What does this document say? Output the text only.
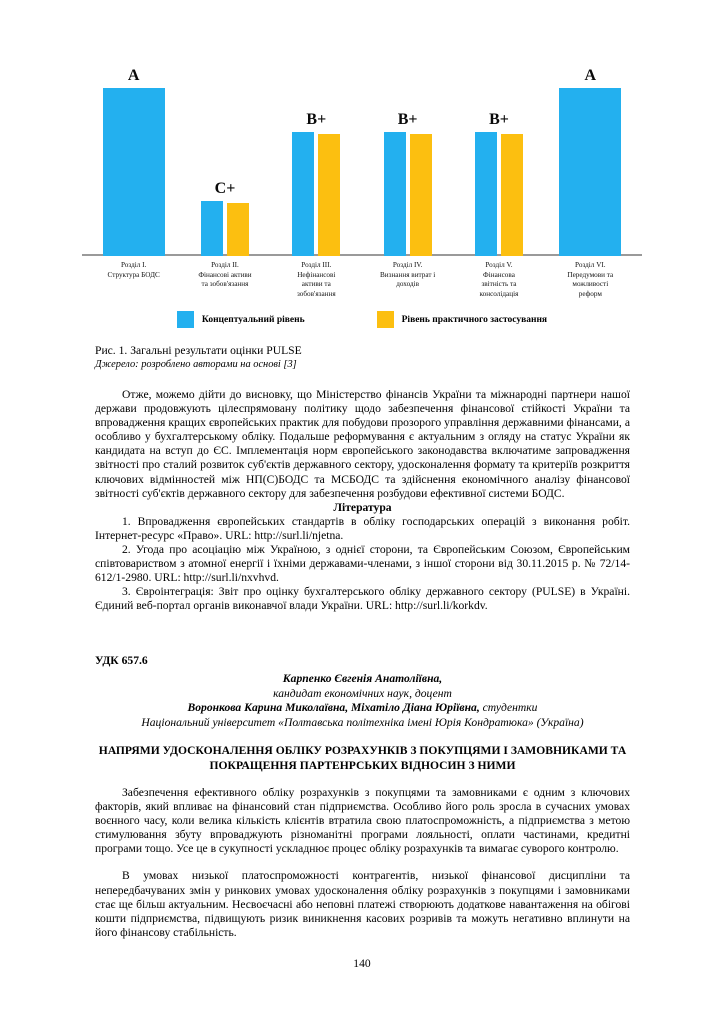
A
C+
B+	B+	B+
A
Розділ I.
Структура БОДС
Розділ II.
Фінансові активи
та зобов'язання
Розділ III.
Нефінансові
активи та
зобов'язання
Розділ IV.
Визнання витрат і
доходів
Розділ V.
Фінансова
звітність та
консолідація
Розділ VI.
Передумови та
можливості
реформ
Концептуальний рівень	Рівень практичного застосування
Рис. 1. Загальні результати оцінки PULSE
Джерело: розроблено авторами на основі [3]

Отже, можемо дійти до висновку, що Міністерство фінансів України та міжнародні партнери нашої держави продовжують цілеспрямовану політику щодо забезпечення фінансової стійкості України та впровадження кращих європейських практик для побудови прозорого управління державними фінансами, а особливо у бухгалтерському обліку. Подальше реформування є актуальним з огляду на статус України як кандидата на вступ до ЄС. Імплементація норм європейського законодавства включатиме запровадження звітності про сталий розвиток суб'єктів державного сектору, удосконалення формату та критеріїв розкриття ключових відмінностей між НП(С)БОДС та МСБОДС та здійснення економічного аналізу фінансової звітності суб'єктів державного сектору для забезпечення розбудови ефективної системи БОДС.

Література

1. Впровадження європейських стандартів в обліку господарських операцій з виконання робіт. Інтернет-ресурс «Право». URL: http://surl.li/njetna.

2. Угода про асоціацію між Україною, з однієї сторони, та Європейським Союзом, Європейським співтовариством з атомної енергії і їхніми державами-членами, з іншої сторони від 30.11.2015 р. № 72/14-612/1-2980. URL: http://surl.li/nxvhvd.

3. Євроінтеграція: Звіт про оцінку бухгалтерського обліку державного сектору (PULSE) в Україні. Єдиний веб-портал органів виконавчої влади України. URL: http://surl.li/korkdv.

УДК 657.6
Карпенко Євгенія Анатоліївна,
кандидат економічних наук, доцент
Воронкова Карина Миколаївна, Міхатіло Діана Юріївна, студентки
Національний університет «Полтавська політехніка імені Юрія Кондратюка» (Україна)
НАПРЯМИ УДОСКОНАЛЕННЯ ОБЛІКУ РОЗРАХУНКІВ З ПОКУПЦЯМИ І ЗАМОВНИКАМИ ТА ПОКРАЩЕННЯ ПАРТЕНРСЬКИХ ВІДНОСИН З НИМИ

Забезпечення ефективного обліку розрахунків з покупцями та замовниками є одним з ключових факторів, який впливає на фінансовий стан підприємства. Особливо його роль зросла в сучасних умовах воєнного часу, коли велика кількість клієнтів втратила свою платоспроможність, а підприємства з метою стимулювання збуту впроваджують різноманітні програми лояльності, оплати частинами, кредитні програми тощо. Усе це в сукупності ускладнює процес обліку розрахунків та вимагає суворого контролю.

В умовах низької платоспроможності контрагентів, низької фінансової дисципліни та непередбачуваних змін у ринкових умовах удосконалення обліку розрахунків з покупцями і замовниками стає ще більш актуальним. Несвоєчасні або неповні платежі створюють додаткове навантаження на обігові кошти підприємства, підвищують ризик виникнення касових розривів та можуть негативно вплинути на його фінансову стабільність.

140
